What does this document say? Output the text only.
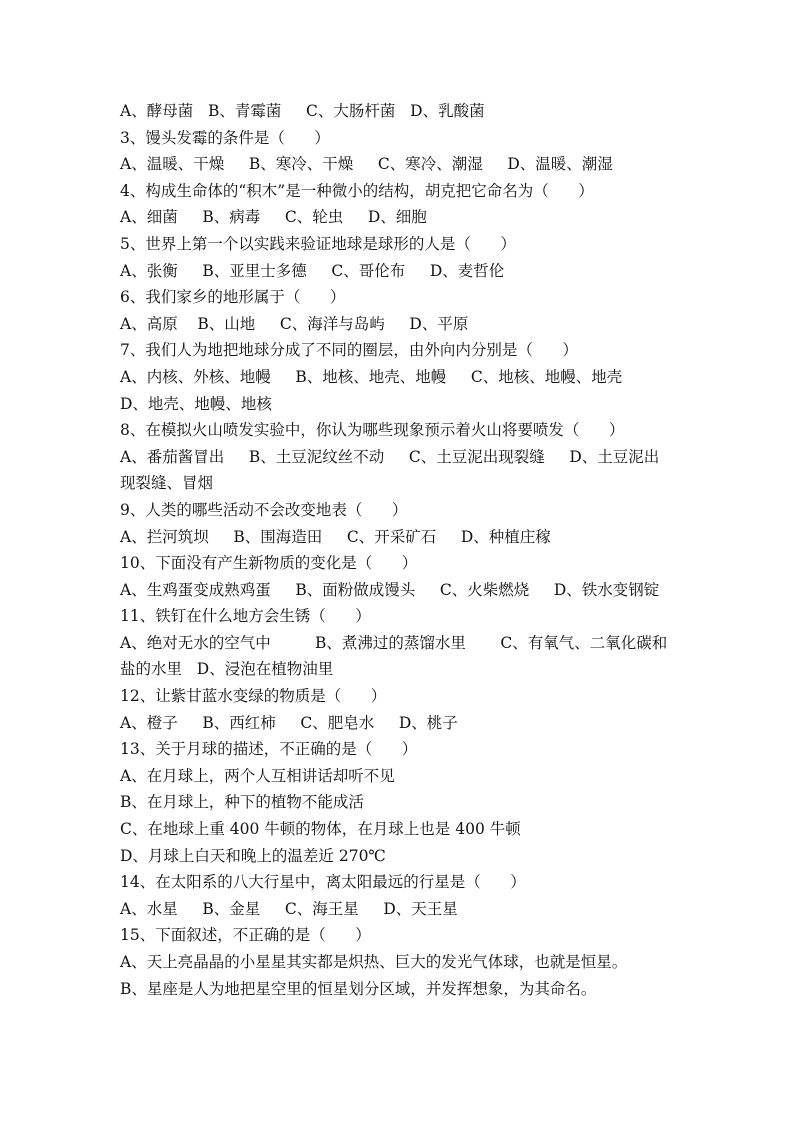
A、酵母菌   B、青霉菌     C、大肠杆菌   D、乳酸菌
3、馒头发霉的条件是（      ）
A、温暖、干燥     B、寒冷、干燥     C、寒冷、潮湿     D、温暖、潮湿
4、构成生命体的“积木”是一种微小的结构，胡克把它命名为（      ）
A、细菌     B、病毒     C、轮虫     D、细胞
5、世界上第一个以实践来验证地球是球形的人是（      ）
A、张衡     B、亚里士多德     C、哥伦布     D、麦哲伦
6、我们家乡的地形属于（      ）
A、高原    B、山地     C、海洋与岛屿     D、平原
7、我们人为地把地球分成了不同的圈层，由外向内分别是（      ）
A、内核、外核、地幔     B、地核、地壳、地幔     C、地核、地幔、地壳
D、地壳、地幔、地核
8、在模拟火山喷发实验中，你认为哪些现象预示着火山将要喷发（      ）
A、番茄酱冒出     B、土豆泥纹丝不动     C、土豆泥出现裂缝     D、土豆泥出
现裂缝、冒烟
9、人类的哪些活动不会改变地表（      ）
A、拦河筑坝     B、围海造田     C、开采矿石     D、种植庄稼
10、下面没有产生新物质的变化是（      ）
A、生鸡蛋变成熟鸡蛋     B、面粉做成馒头     C、火柴燃烧     D、铁水变钢锭
11、铁钉在什么地方会生锈（      ）
A、绝对无水的空气中         B、煮沸过的蒸馏水里       C、有氧气、二氧化碳和
盐的水里   D、浸泡在植物油里
12、让紫甘蓝水变绿的物质是（      ）
A、橙子     B、西红柿     C、肥皂水     D、桃子
13、关于月球的描述，不正确的是（      ）
A、在月球上，两个人互相讲话却听不见
B、在月球上，种下的植物不能成活
C、在地球上重 400 牛顿的物体，在月球上也是 400 牛顿
D、月球上白天和晚上的温差近 270℃
14、在太阳系的八大行星中，离太阳最远的行星是（      ）
A、水星     B、金星     C、海王星     D、天王星
15、下面叙述，不正确的是（      ）
A、天上亮晶晶的小星星其实都是炽热、巨大的发光气体球，也就是恒星。
B、星座是人为地把星空里的恒星划分区域，并发挥想象，为其命名。
